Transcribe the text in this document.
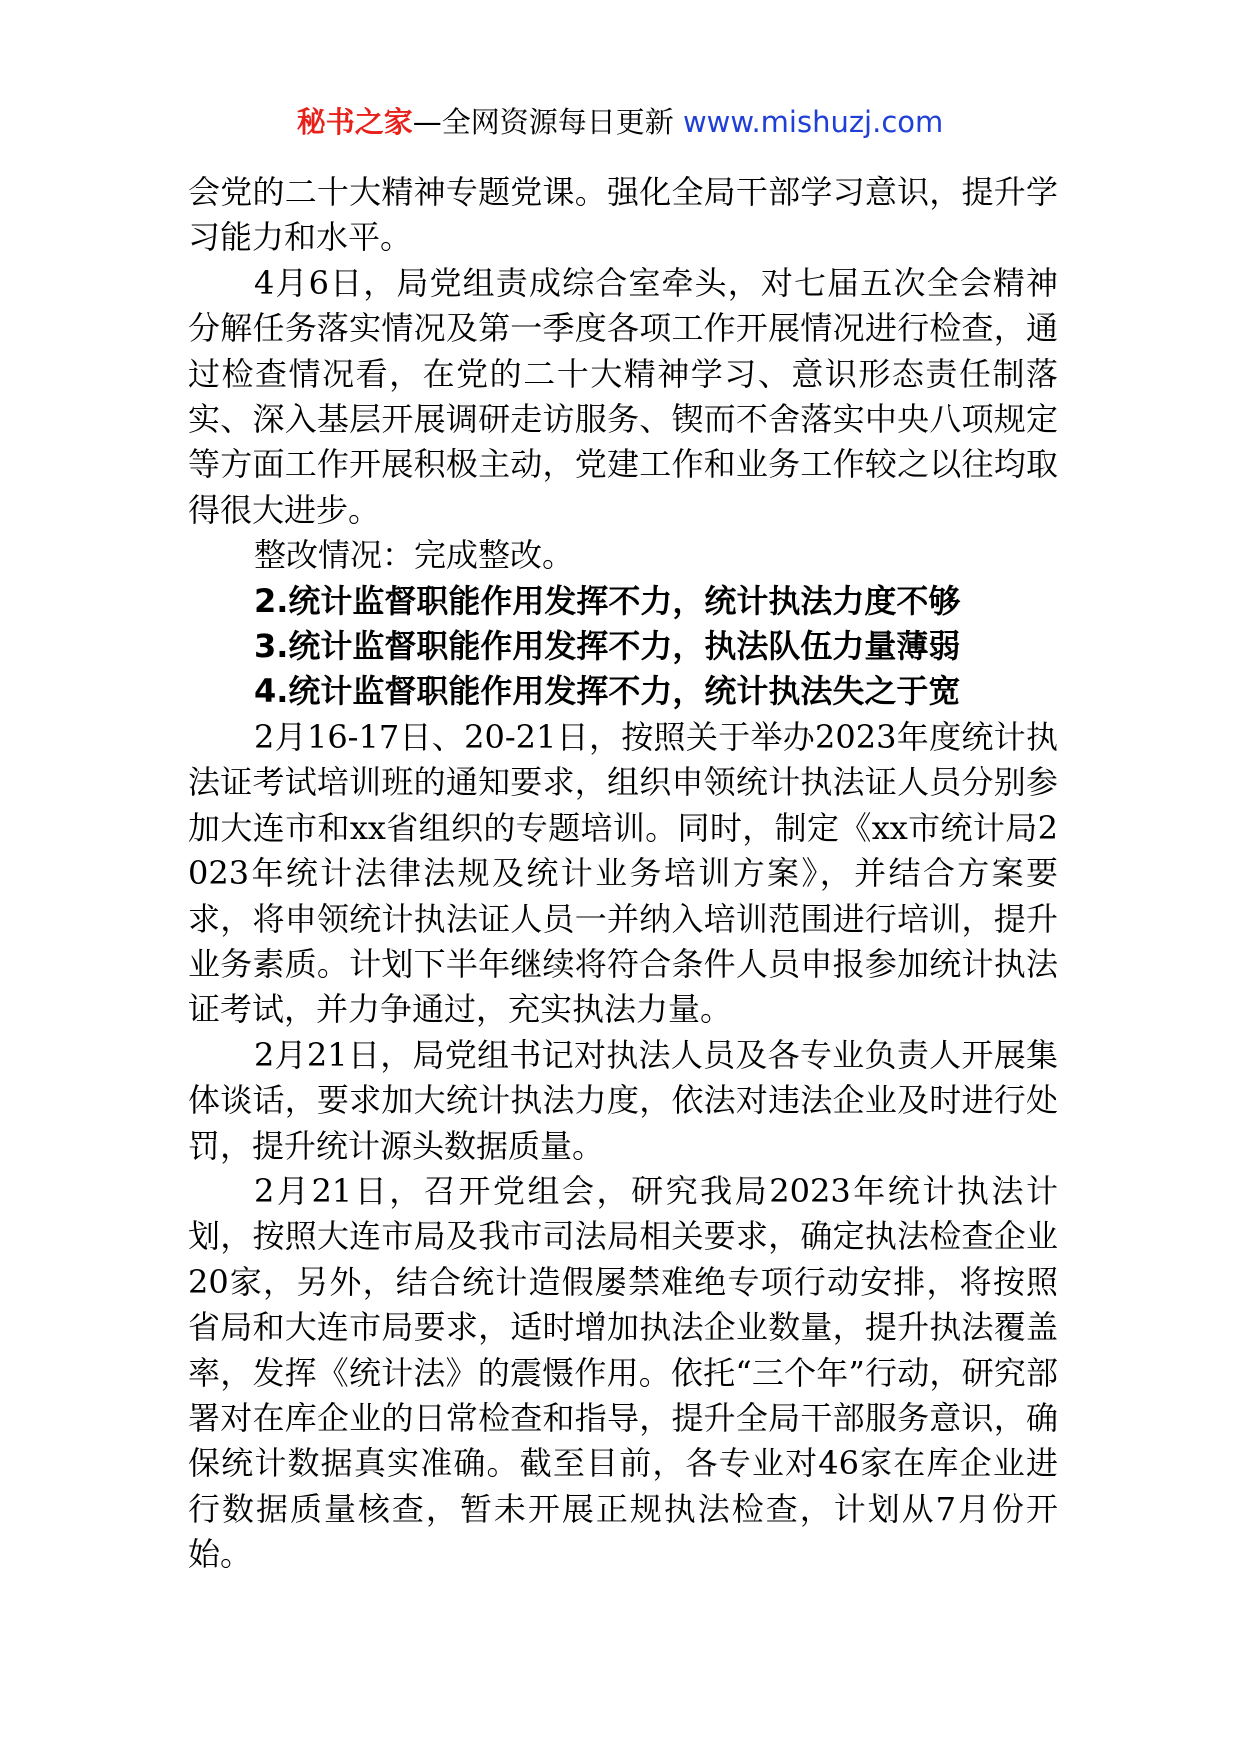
秘书之家—全网资源每日更新 www.mishuzj.com

会党的二十大精神专题党课。强化全局干部学习意识，提升学习能力和水平。

4月6日，局党组责成综合室牵头，对七届五次全会精神分解任务落实情况及第一季度各项工作开展情况进行检查，通过检查情况看，在党的二十大精神学习、意识形态责任制落实、深入基层开展调研走访服务、锲而不舍落实中央八项规定等方面工作开展积极主动，党建工作和业务工作较之以往均取得很大进步。

整改情况：完成整改。

2.统计监督职能作用发挥不力，统计执法力度不够

3.统计监督职能作用发挥不力，执法队伍力量薄弱

4.统计监督职能作用发挥不力，统计执法失之于宽

2月16-17日、20-21日，按照关于举办2023年度统计执法证考试培训班的通知要求，组织申领统计执法证人员分别参加大连市和xx省组织的专题培训。同时，制定《xx市统计局2023年统计法律法规及统计业务培训方案》，并结合方案要求，将申领统计执法证人员一并纳入培训范围进行培训，提升业务素质。计划下半年继续将符合条件人员申报参加统计执法证考试，并力争通过，充实执法力量。

2月21日，局党组书记对执法人员及各专业负责人开展集体谈话，要求加大统计执法力度，依法对违法企业及时进行处罚，提升统计源头数据质量。

2月21日，召开党组会，研究我局2023年统计执法计划，按照大连市局及我市司法局相关要求，确定执法检查企业20家，另外，结合统计造假屡禁难绝专项行动安排，将按照省局和大连市局要求，适时增加执法企业数量，提升执法覆盖率，发挥《统计法》的震慑作用。依托“三个年”行动，研究部署对在库企业的日常检查和指导，提升全局干部服务意识，确保统计数据真实准确。截至目前，各专业对46家在库企业进行数据质量核查，暂未开展正规执法检查，计划从7月份开始。
